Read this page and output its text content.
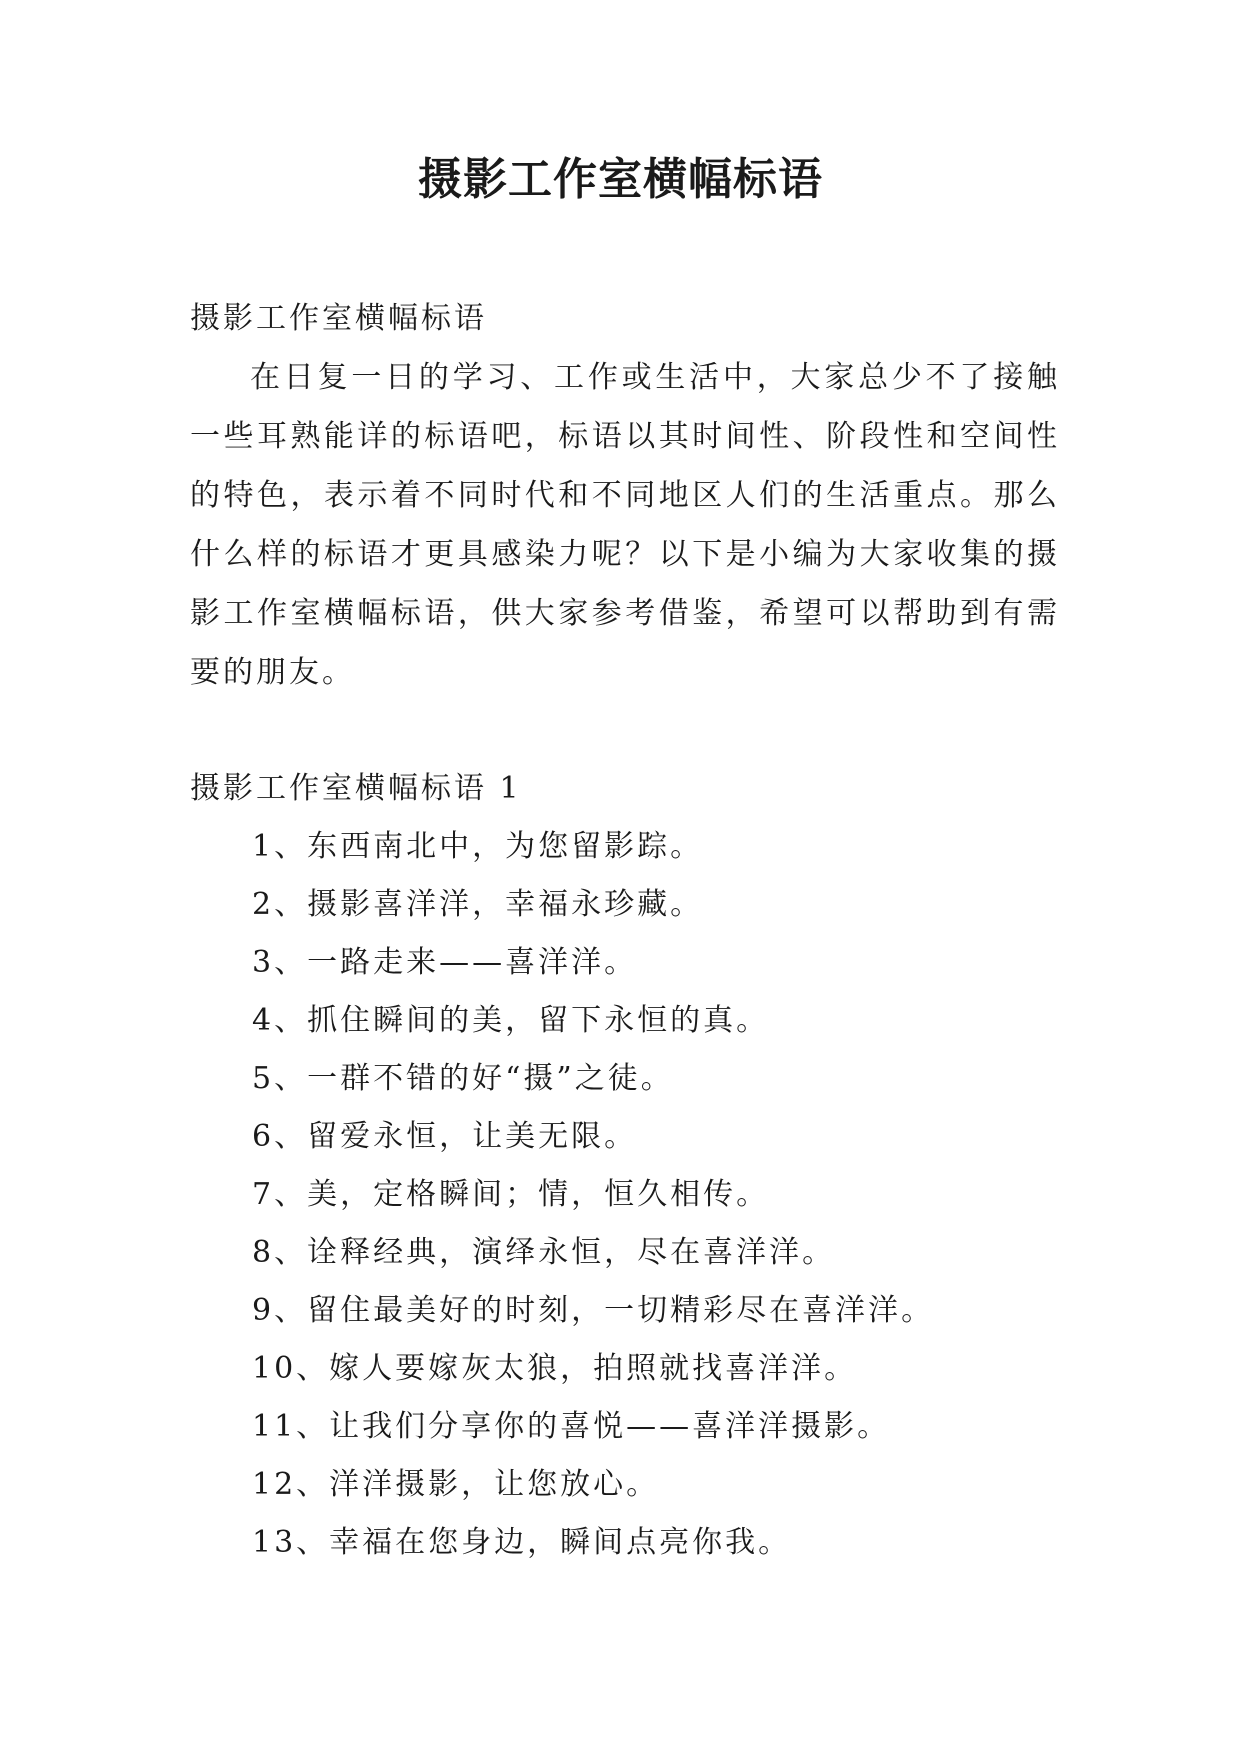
摄影工作室横幅标语
摄影工作室横幅标语
在日复一日的学习、工作或生活中，大家总少不了接触一些耳熟能详的标语吧，标语以其时间性、阶段性和空间性的特色，表示着不同时代和不同地区人们的生活重点。那么什么样的标语才更具感染力呢？以下是小编为大家收集的摄影工作室横幅标语，供大家参考借鉴，希望可以帮助到有需要的朋友。
摄影工作室横幅标语 1
1、东西南北中，为您留影踪。
2、摄影喜洋洋，幸福永珍藏。
3、一路走来——喜洋洋。
4、抓住瞬间的美，留下永恒的真。
5、一群不错的好“摄”之徒。
6、留爱永恒，让美无限。
7、美，定格瞬间；情，恒久相传。
8、诠释经典，演绎永恒，尽在喜洋洋。
9、留住最美好的时刻，一切精彩尽在喜洋洋。
10、嫁人要嫁灰太狼，拍照就找喜洋洋。
11、让我们分享你的喜悦——喜洋洋摄影。
12、洋洋摄影，让您放心。
13、幸福在您身边，瞬间点亮你我。
